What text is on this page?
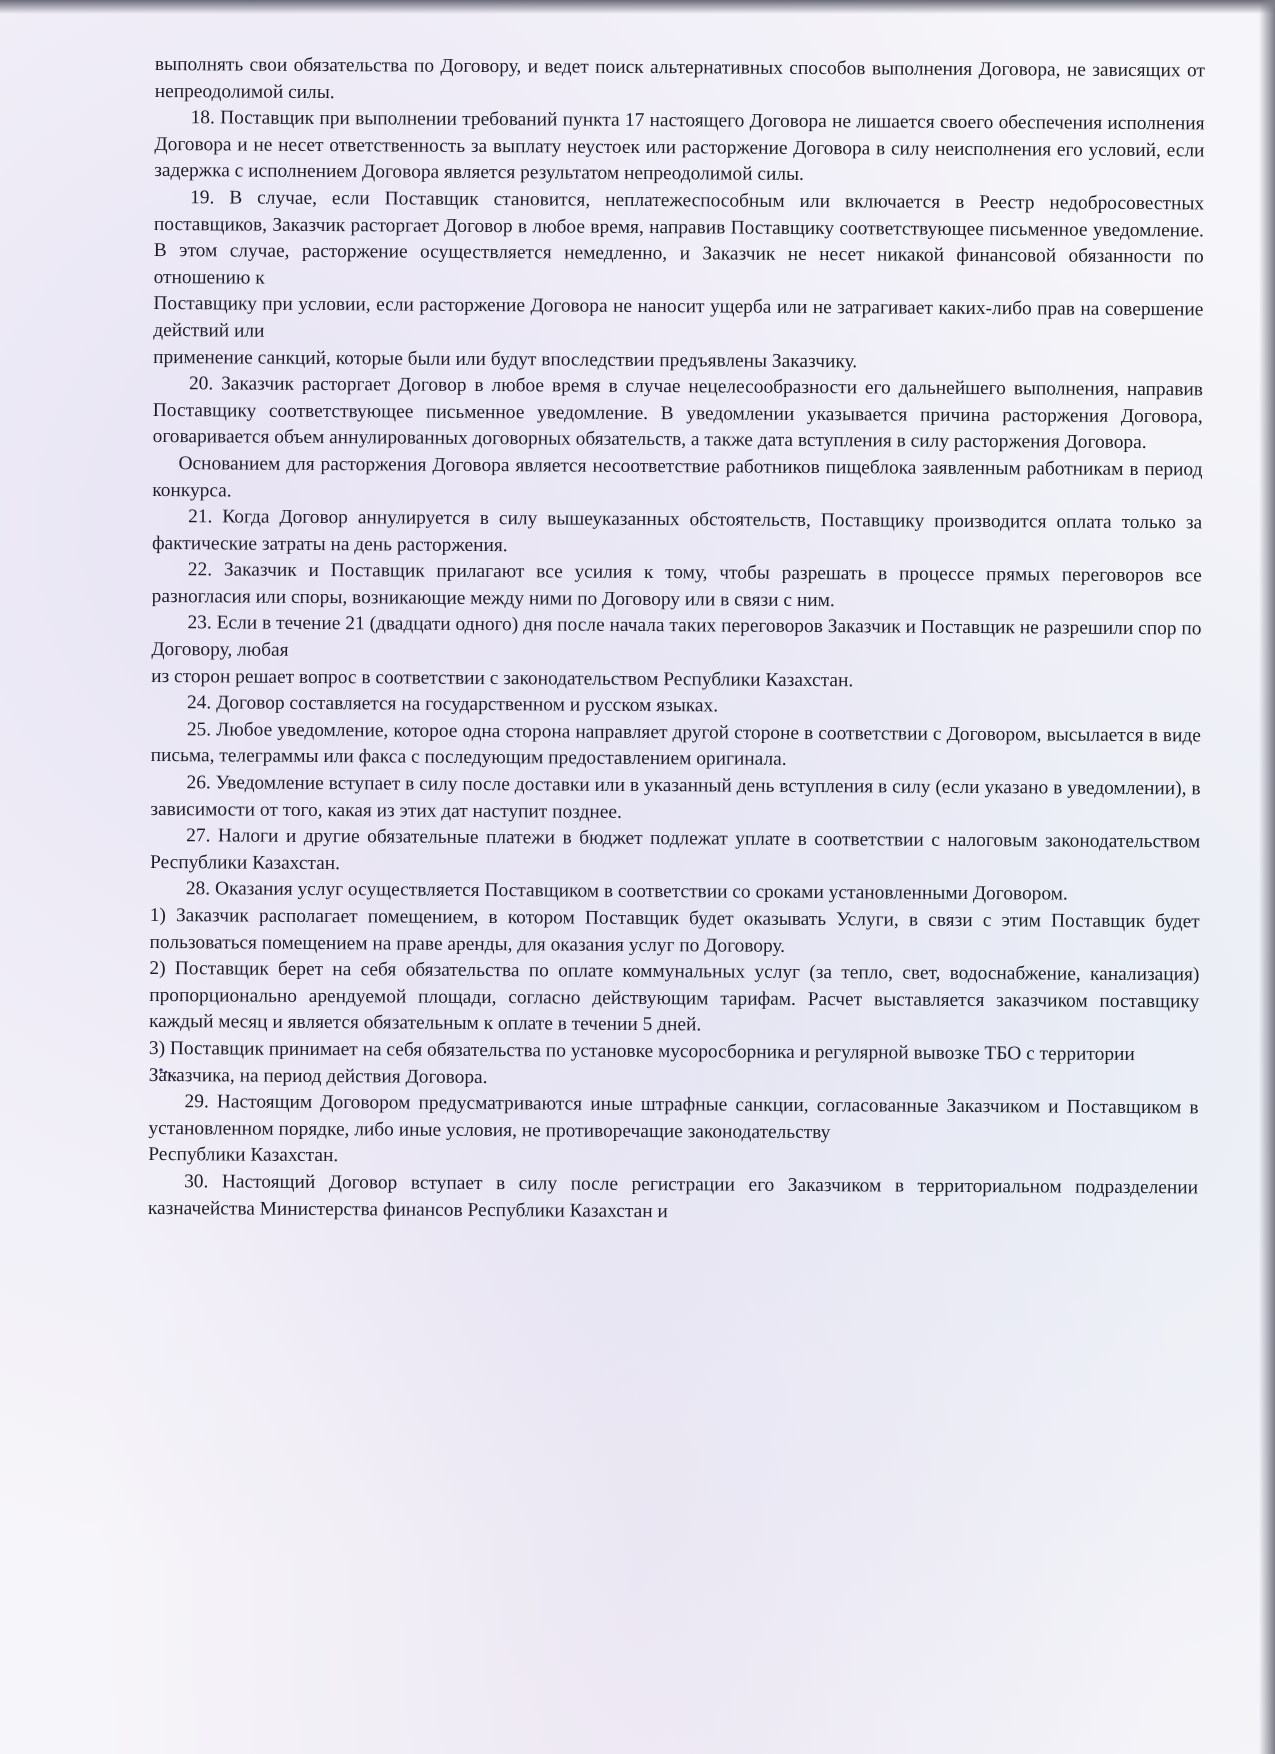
выполнять свои обязательства по Договору, и ведет поиск альтернативных способов выполнения Договора, не зависящих от непреодолимой силы.

18. Поставщик при выполнении требований пункта 17 настоящего Договора не лишается своего обеспечения исполнения Договора и не несет ответственность за выплату неустоек или расторжение Договора в силу неисполнения его условий, если задержка с исполнением Договора является результатом непреодолимой силы.

19. В случае, если Поставщик становится, неплатежеспособным или включается в Реестр недобросовестных поставщиков, Заказчик расторгает Договор в любое время, направив Поставщику соответствующее письменное уведомление. В этом случае, расторжение осуществляется немедленно, и Заказчик не несет никакой финансовой обязанности по отношению к

Поставщику при условии, если расторжение Договора не наносит ущерба или не затрагивает каких-либо прав на совершение действий или

применение санкций, которые были или будут впоследствии предъявлены Заказчику.

20. Заказчик расторгает Договор в любое время в случае нецелесообразности его дальнейшего выполнения, направив Поставщику соответствующее письменное уведомление. В уведомлении указывается причина расторжения Договора, оговаривается объем аннулированных договорных обязательств, а также дата вступления в силу расторжения Договора.

Основанием для расторжения Договора является несоответствие работников пищеблока заявленным работникам в период конкурса.

21. Когда Договор аннулируется в силу вышеуказанных обстоятельств, Поставщику производится оплата только за фактические затраты на день расторжения.

22. Заказчик и Поставщик прилагают все усилия к тому, чтобы разрешать в процессе прямых переговоров все разногласия или споры, возникающие между ними по Договору или в связи с ним.

23. Если в течение 21 (двадцати одного) дня после начала таких переговоров Заказчик и Поставщик не разрешили спор по Договору, любая

из сторон решает вопрос в соответствии с законодательством Республики Казахстан.

24. Договор составляется на государственном и русском языках.

25. Любое уведомление, которое одна сторона направляет другой стороне в соответствии с Договором, высылается в виде письма, телеграммы или факса с последующим предоставлением оригинала.

26. Уведомление вступает в силу после доставки или в указанный день вступления в силу (если указано в уведомлении), в зависимости от того, какая из этих дат наступит позднее.

27. Налоги и другие обязательные платежи в бюджет подлежат уплате в соответствии с налоговым законодательством Республики Казахстан.

28. Оказания услуг осуществляется Поставщиком в соответствии со сроками установленными Договором.

1) Заказчик располагает помещением, в котором Поставщик будет оказывать Услуги, в связи с этим Поставщик будет пользоваться помещением на праве аренды, для оказания услуг по Договору.

2) Поставщик берет на себя обязательства по оплате коммунальных услуг (за тепло, свет, водоснабжение, канализация) пропорционально арендуемой площади, согласно действующим тарифам. Расчет выставляется заказчиком поставщику каждый месяц и является обязательным к оплате в течении 5 дней.

3) Поставщик принимает на себя обязательства по установке мусоросборника и регулярной вывозке ТБО с территории Заказчика, на период действия Договора.

29. Настоящим Договором предусматриваются иные штрафные санкции, согласованные Заказчиком и Поставщиком в установленном порядке, либо иные условия, не противоречащие законодательству

Республики Казахстан.

30. Настоящий Договор вступает в силу после регистрации его Заказчиком в территориальном подразделении казначейства Министерства финансов Республики Казахстан и
